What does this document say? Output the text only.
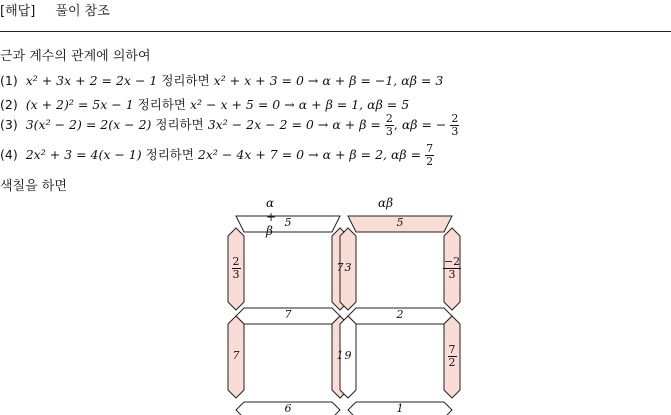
[해답] 풀이 참조
근과 계수의 관계에 의하여
(1) x² + 3x + 2 = 2x − 1 정리하면 x² + x + 3 = 0 → α + β = −1, αβ = 3
(2) (x + 2)² = 5x − 1 정리하면 x² − x + 5 = 0 → α + β = 1, αβ = 5
(3) 3(x² − 2) = 2(x − 2) 정리하면 $3x^2 - 2x - 2 = 0 \to \alpha + \beta = \frac{2}{3}$ , αβ = − $\frac{2}{3}$
(4) 2x² + 3 = 4(x − 1) 정리하면 2x² − 4x + 7 = 0 → α + β = 2, $\alpha\beta = \frac{7}{2}$
색칠을 하면
α + β
5
$\frac{2}{3}$	7
7
7	1
6
αβ
5
3	$\frac{-2}{3}$
2
9	$\frac{7}{2}$
1
